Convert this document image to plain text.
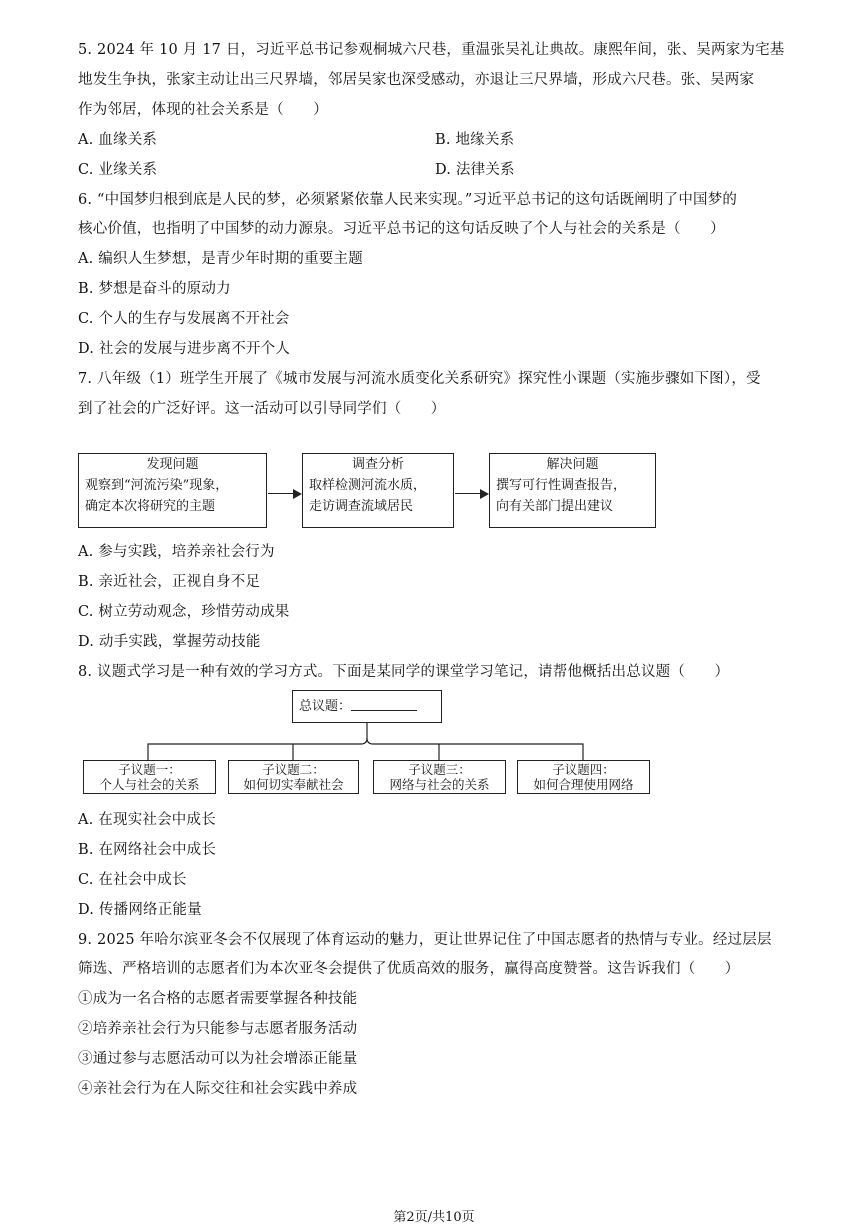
5. 2024 年 10 月 17 日，习近平总书记参观桐城六尺巷，重温张吴礼让典故。康熙年间，张、吴两家为宅基
地发生争执，张家主动让出三尺界墙，邻居吴家也深受感动，亦退让三尺界墙，形成六尺巷。张、吴两家
作为邻居，体现的社会关系是（　　）
A. 血缘关系	B. 地缘关系
C. 业缘关系	D. 法律关系
6. “中国梦归根到底是人民的梦，必须紧紧依靠人民来实现。”习近平总书记的这句话既阐明了中国梦的
核心价值，也指明了中国梦的动力源泉。习近平总书记的这句话反映了个人与社会的关系是（　　）
A. 编织人生梦想，是青少年时期的重要主题
B. 梦想是奋斗的原动力
C. 个人的生存与发展离不开社会
D. 社会的发展与进步离不开个人
7. 八年级（1）班学生开展了《城市发展与河流水质变化关系研究》探究性小课题（实施步骤如下图），受
到了社会的广泛好评。这一活动可以引导同学们（　　）
发现问题
观察到“河流污染”现象，
确定本次将研究的主题
调查分析
取样检测河流水质，
走访调查流域居民
解决问题
撰写可行性调查报告，
向有关部门提出建议
A. 参与实践，培养亲社会行为
B. 亲近社会，正视自身不足
C. 树立劳动观念，珍惜劳动成果
D. 动手实践，掌握劳动技能
8. 议题式学习是一种有效的学习方式。下面是某同学的课堂学习笔记，请帮他概括出总议题（　　）
总议题：
子议题一：
个人与社会的关系
子议题二：
如何切实奉献社会
子议题三：
网络与社会的关系
子议题四：
如何合理使用网络
A. 在现实社会中成长
B. 在网络社会中成长
C. 在社会中成长
D. 传播网络正能量
9. 2025 年哈尔滨亚冬会不仅展现了体育运动的魅力，更让世界记住了中国志愿者的热情与专业。经过层层
筛选、严格培训的志愿者们为本次亚冬会提供了优质高效的服务，赢得高度赞誉。这告诉我们（　　）
①成为一名合格的志愿者需要掌握各种技能
②培养亲社会行为只能参与志愿者服务活动
③通过参与志愿活动可以为社会增添正能量
④亲社会行为在人际交往和社会实践中养成
第2页/共10页
